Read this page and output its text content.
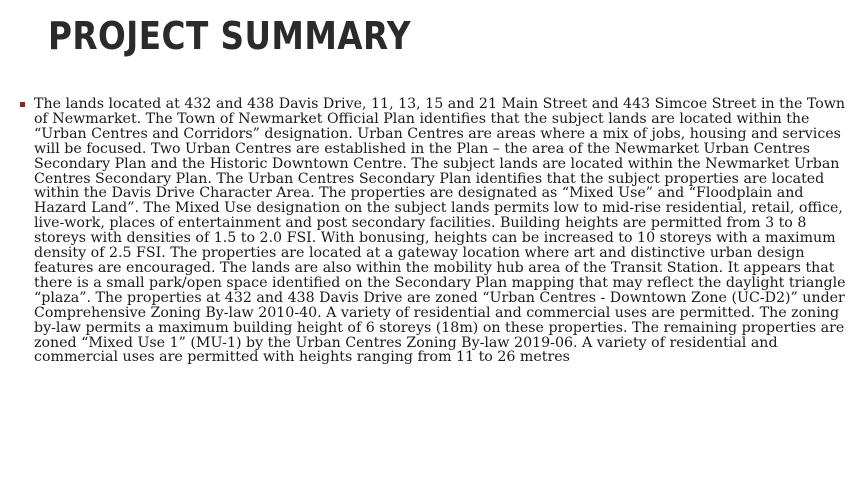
PROJECT SUMMARY

The lands located at 432 and 438 Davis Drive, 11, 13, 15 and 21 Main Street and 443 Simcoe Street in the Town of Newmarket. The Town of Newmarket Official Plan identifies that the subject lands are located within the “Urban Centres and Corridors” designation. Urban Centres are areas where a mix of jobs, housing and services will be focused. Two Urban Centres are established in the Plan – the area of the Newmarket Urban Centres Secondary Plan and the Historic Downtown Centre. The subject lands are located within the Newmarket Urban Centres Secondary Plan. The Urban Centres Secondary Plan identifies that the subject properties are located within the Davis Drive Character Area. The properties are designated as “Mixed Use” and “Floodplain and Hazard Land”. The Mixed Use designation on the subject lands permits low to mid-rise residential, retail, office, live-work, places of entertainment and post secondary facilities. Building heights are permitted from 3 to 8 storeys with densities of 1.5 to 2.0 FSI. With bonusing, heights can be increased to 10 storeys with a maximum density of 2.5 FSI. The properties are located at a gateway location where art and distinctive urban design features are encouraged. The lands are also within the mobility hub area of the Transit Station. It appears that there is a small park/open space identified on the Secondary Plan mapping that may reflect the daylight triangle “plaza”. The properties at 432 and 438 Davis Drive are zoned “Urban Centres - Downtown Zone (UC-D2)” under Comprehensive Zoning By-law 2010-40. A variety of residential and commercial uses are permitted. The zoning by-law permits a maximum building height of 6 storeys (18m) on these properties. The remaining properties are zoned “Mixed Use 1” (MU-1) by the Urban Centres Zoning By-law 2019-06. A variety of residential and commercial uses are permitted with heights ranging from 11 to 26 metres
